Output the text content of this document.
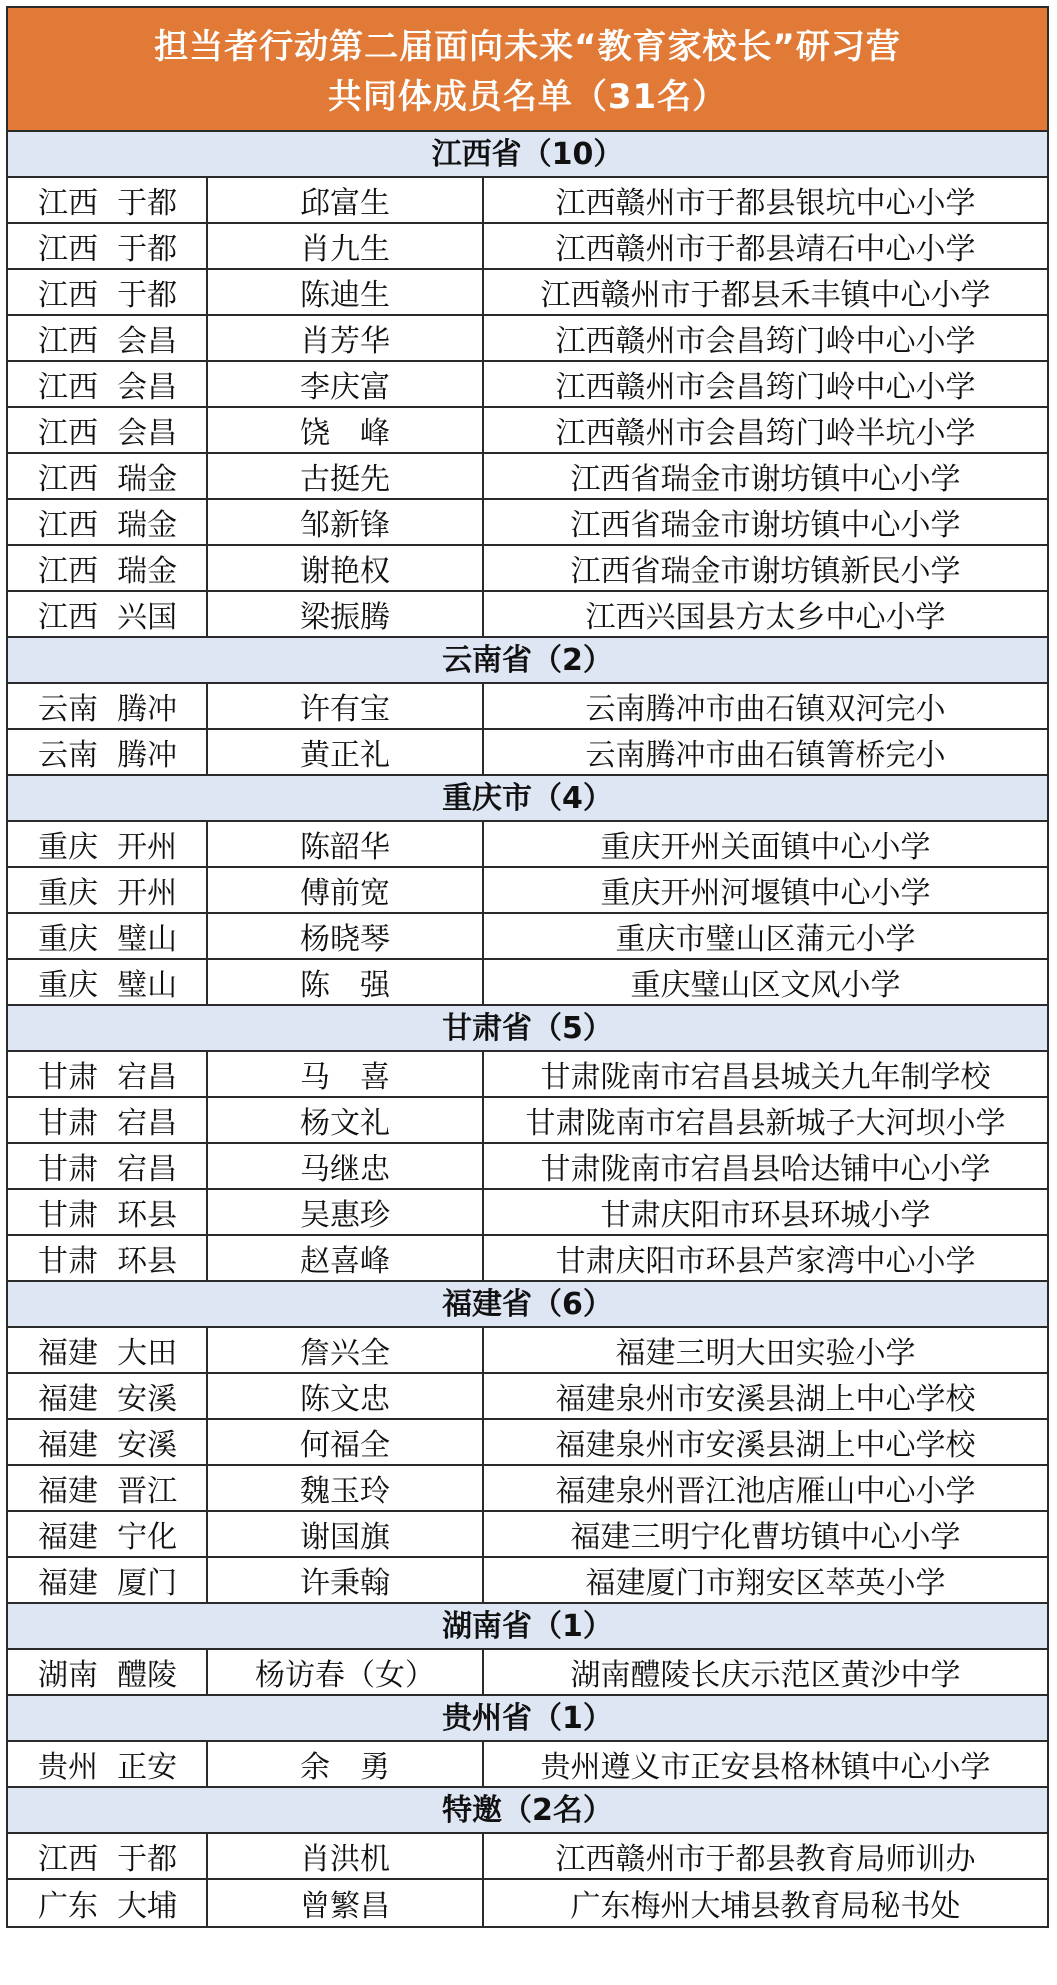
担当者行动第二届面向未来“教育家校长”研习营
共同体成员名单（31名）
江西省（10）
江西  于都	邱富生	江西赣州市于都县银坑中心小学
江西  于都	肖九生	江西赣州市于都县靖石中心小学
江西  于都	陈迪生	江西赣州市于都县禾丰镇中心小学
江西  会昌	肖芳华	江西赣州市会昌筠门岭中心小学
江西  会昌	李庆富	江西赣州市会昌筠门岭中心小学
江西  会昌	饶　峰	江西赣州市会昌筠门岭半坑小学
江西  瑞金	古挺先	江西省瑞金市谢坊镇中心小学
江西  瑞金	邹新锋	江西省瑞金市谢坊镇中心小学
江西  瑞金	谢艳权	江西省瑞金市谢坊镇新民小学
江西  兴国	梁振腾	江西兴国县方太乡中心小学
云南省（2）
云南  腾冲	许有宝	云南腾冲市曲石镇双河完小
云南  腾冲	黄正礼	云南腾冲市曲石镇箐桥完小
重庆市（4）
重庆  开州	陈韶华	重庆开州关面镇中心小学
重庆  开州	傅前宽	重庆开州河堰镇中心小学
重庆  璧山	杨晓琴	重庆市璧山区蒲元小学
重庆  璧山	陈　强	重庆璧山区文风小学
甘肃省（5）
甘肃  宕昌	马　喜	甘肃陇南市宕昌县城关九年制学校
甘肃  宕昌	杨文礼	甘肃陇南市宕昌县新城子大河坝小学
甘肃  宕昌	马继忠	甘肃陇南市宕昌县哈达铺中心小学
甘肃  环县	吴惠珍	甘肃庆阳市环县环城小学
甘肃  环县	赵喜峰	甘肃庆阳市环县芦家湾中心小学
福建省（6）
福建  大田	詹兴全	福建三明大田实验小学
福建  安溪	陈文忠	福建泉州市安溪县湖上中心学校
福建  安溪	何福全	福建泉州市安溪县湖上中心学校
福建  晋江	魏玉玲	福建泉州晋江池店雁山中心小学
福建  宁化	谢国旗	福建三明宁化曹坊镇中心小学
福建  厦门	许秉翰	福建厦门市翔安区萃英小学
湖南省（1）
湖南  醴陵	杨访春（女）	湖南醴陵长庆示范区黄沙中学
贵州省（1）
贵州  正安	余　勇	贵州遵义市正安县格林镇中心小学
特邀（2名）
江西  于都	肖洪机	江西赣州市于都县教育局师训办
广东  大埔	曾繁昌	广东梅州大埔县教育局秘书处
